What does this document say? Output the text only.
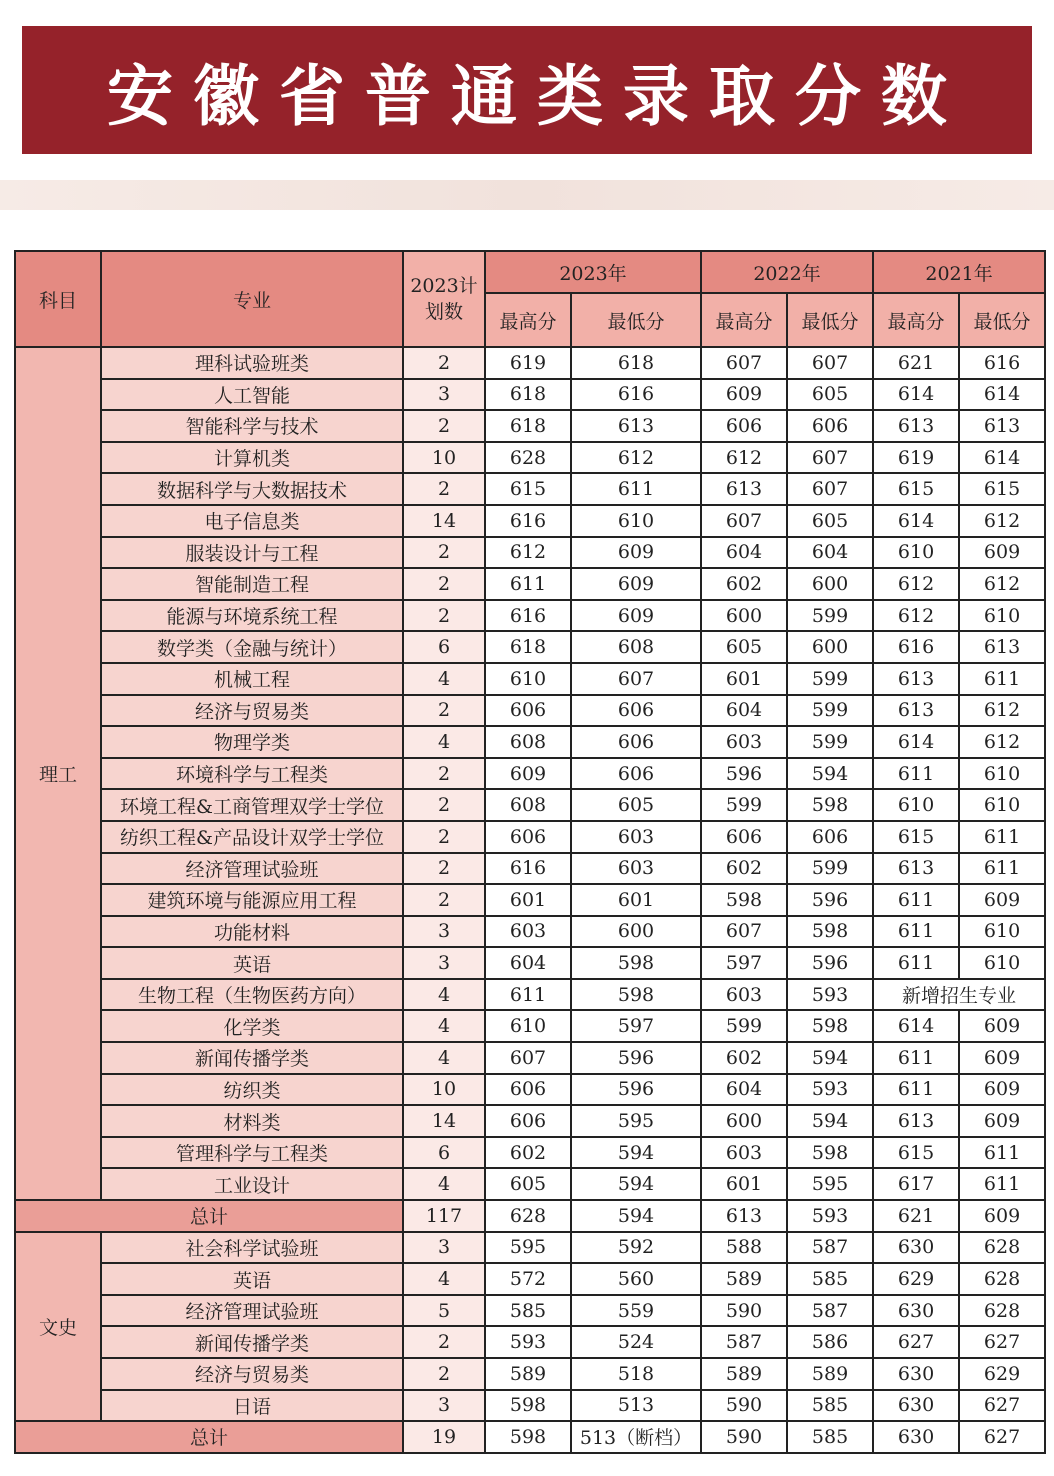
安徽省普通类录取分数
科目	专业	2023计划数	2023年		2022年		2021年	
			最高分	最低分	最高分	最低分	最高分	最低分
理工	理科试验班类	2	619	618	607	607	621	616
	人工智能	3	618	616	609	605	614	614
	智能科学与技术	2	618	613	606	606	613	613
	计算机类	10	628	612	612	607	619	614
	数据科学与大数据技术	2	615	611	613	607	615	615
	电子信息类	14	616	610	607	605	614	612
	服装设计与工程	2	612	609	604	604	610	609
	智能制造工程	2	611	609	602	600	612	612
	能源与环境系统工程	2	616	609	600	599	612	610
	数学类（金融与统计）	6	618	608	605	600	616	613
	机械工程	4	610	607	601	599	613	611
	经济与贸易类	2	606	606	604	599	613	612
	物理学类	4	608	606	603	599	614	612
	环境科学与工程类	2	609	606	596	594	611	610
	环境工程&工商管理双学士学位	2	608	605	599	598	610	610
	纺织工程&产品设计双学士学位	2	606	603	606	606	615	611
	经济管理试验班	2	616	603	602	599	613	611
	建筑环境与能源应用工程	2	601	601	598	596	611	609
	功能材料	3	603	600	607	598	611	610
	英语	3	604	598	597	596	611	610
	生物工程（生物医药方向）	4	611	598	603	593	新增招生专业	
	化学类	4	610	597	599	598	614	609
	新闻传播学类	4	607	596	602	594	611	609
	纺织类	10	606	596	604	593	611	609
	材料类	14	606	595	600	594	613	609
	管理科学与工程类	6	602	594	603	598	615	611
	工业设计	4	605	594	601	595	617	611
总计		117	628	594	613	593	621	609
文史	社会科学试验班	3	595	592	588	587	630	628
	英语	4	572	560	589	585	629	628
	经济管理试验班	5	585	559	590	587	630	628
	新闻传播学类	2	593	524	587	586	627	627
	经济与贸易类	2	589	518	589	589	630	629
	日语	3	598	513	590	585	630	627
总计		19	598	513（断档）	590	585	630	627
